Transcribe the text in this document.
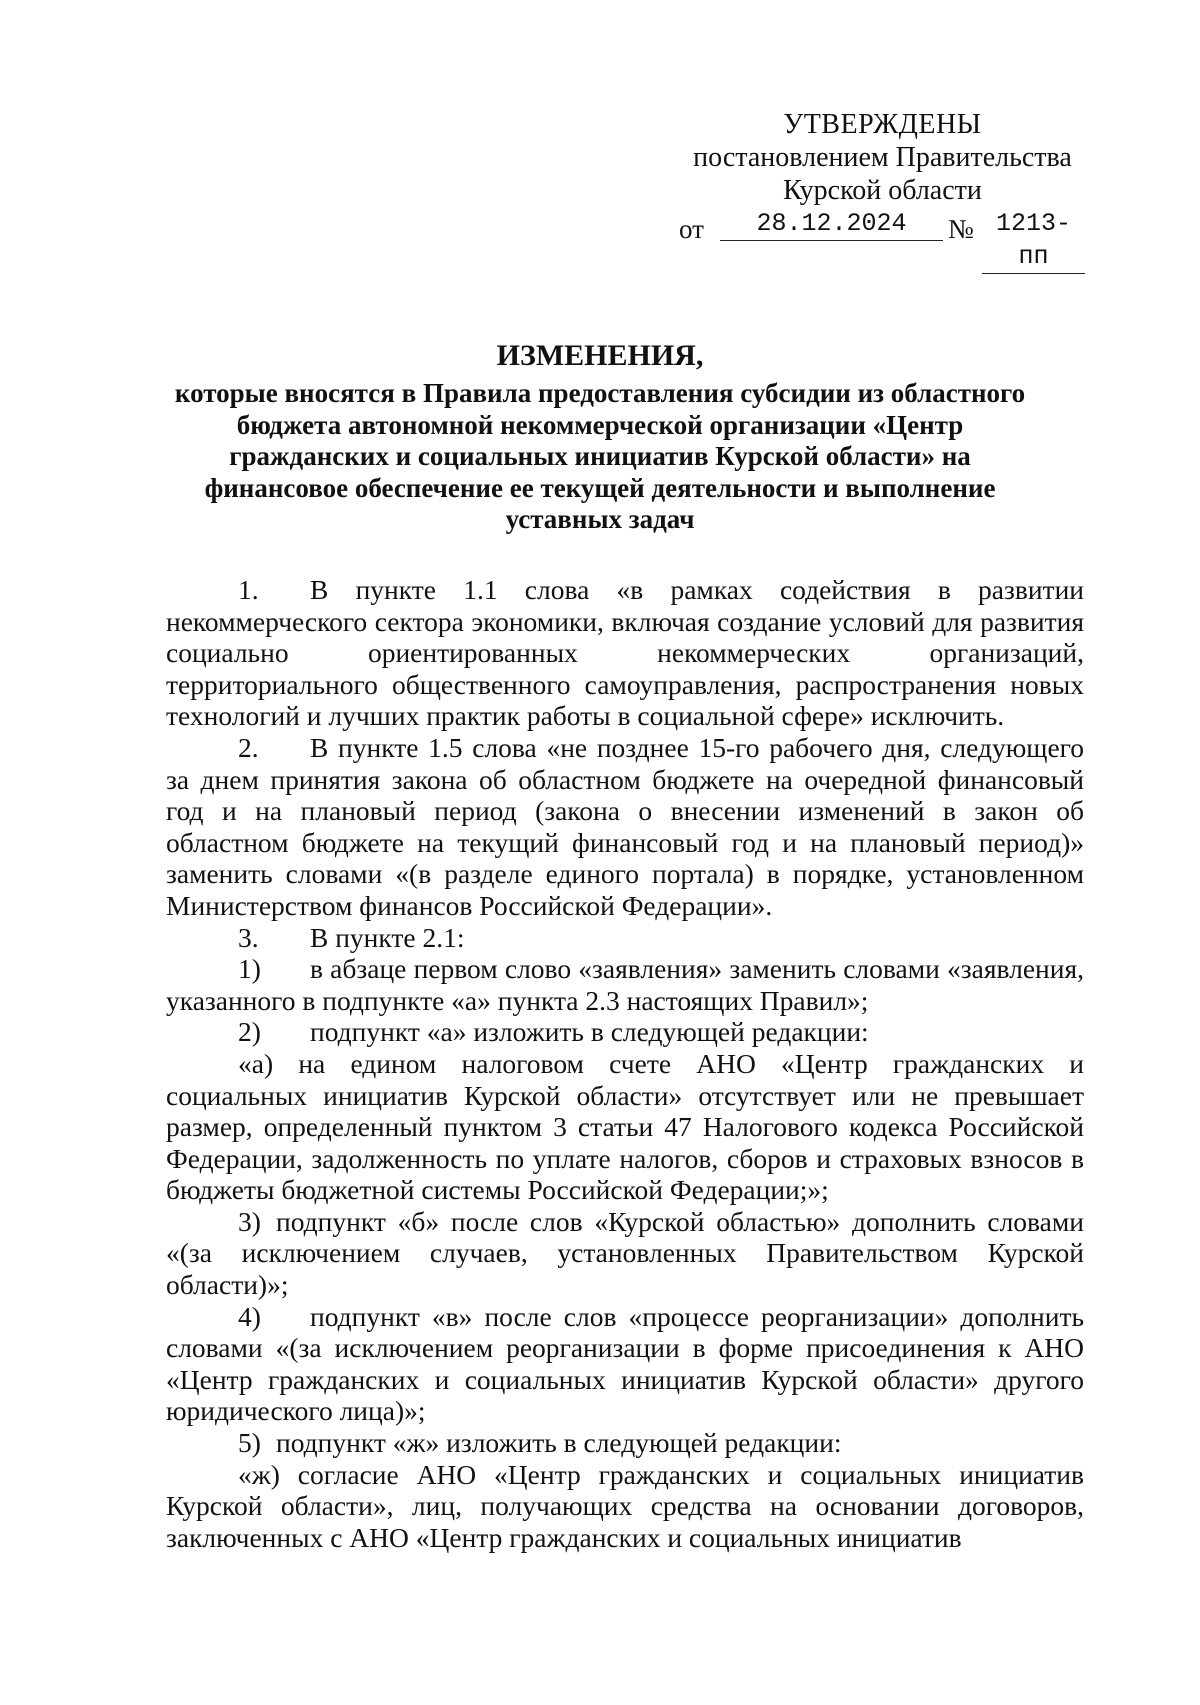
УТВЕРЖДЕНЫ
постановлением Правительства
Курской области
от	28.12.2024	№ 1213-пп
ИЗМЕНЕНИЯ,
которые вносятся в Правила предоставления субсидии из областного
бюджета автономной некоммерческой организации «Центр
гражданских и социальных инициатив Курской области» на
финансовое обеспечение ее текущей деятельности и выполнение
уставных задач

1. В пункте 1.1 слова «в рамках содействия в развитии некоммерческого сектора экономики, включая создание условий для развития социально ориентированных некоммерческих организаций, территориального общественного самоуправления, распространения новых технологий и лучших практик работы в социальной сфере» исключить.

2. В пункте 1.5 слова «не позднее 15-го рабочего дня, следующего за днем принятия закона об областном бюджете на очередной финансовый год и на плановый период (закона о внесении изменений в закон об областном бюджете на текущий финансовый год и на плановый период)» заменить словами «(в разделе единого портала) в порядке, установленном Министерством финансов Российской Федерации».

3. В пункте 2.1:

1) в абзаце первом слово «заявления» заменить словами «заявления, указанного в подпункте «а» пункта 2.3 настоящих Правил»;

2) подпункт «а» изложить в следующей редакции:

«а) на едином налоговом счете АНО «Центр гражданских и социальных инициатив Курской области» отсутствует или не превышает размер, определенный пунктом 3 статьи 47 Налогового кодекса Российской Федерации, задолженность по уплате налогов, сборов и страховых взносов в бюджеты бюджетной системы Российской Федерации;»;

3) подпункт «б» после слов «Курской областью» дополнить словами «(за исключением случаев, установленных Правительством Курской области)»;

4) подпункт «в» после слов «процессе реорганизации» дополнить словами «(за исключением реорганизации в форме присоединения к АНО «Центр гражданских и социальных инициатив Курской области» другого юридического лица)»;

5) подпункт «ж» изложить в следующей редакции:

«ж) согласие АНО «Центр гражданских и социальных инициатив Курской области», лиц, получающих средства на основании договоров, заключенных с АНО «Центр гражданских и социальных инициатив
